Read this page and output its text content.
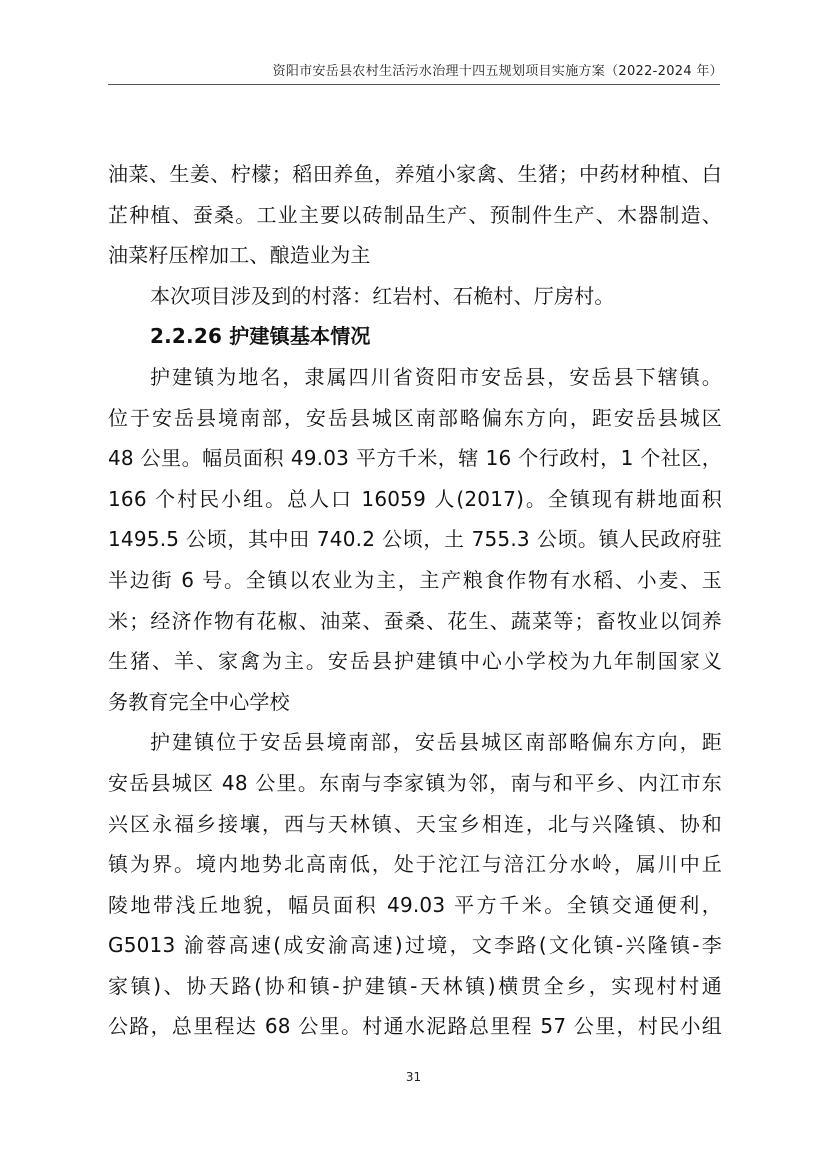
资阳市安岳县农村生活污水治理十四五规划项目实施方案（2022-2024 年）
油菜、生姜、柠檬；稻田养鱼，养殖小家禽、生猪；中药材种植、白
芷种植、蚕桑。工业主要以砖制品生产、预制件生产、木器制造、
油菜籽压榨加工、酿造业为主
本次项目涉及到的村落：红岩村、石桅村、厅房村。
2.2.26 护建镇基本情况
护建镇为地名，隶属四川省资阳市安岳县，安岳县下辖镇。
位于安岳县境南部，安岳县城区南部略偏东方向，距安岳县城区
48 公里。幅员面积 49.03 平方千米，辖 16 个行政村，1 个社区，
166 个村民小组。总人口 16059 人(2017)。全镇现有耕地面积
1495.5 公顷，其中田 740.2 公顷，土 755.3 公顷。镇人民政府驻
半边街 6 号。全镇以农业为主，主产粮食作物有水稻、小麦、玉
米；经济作物有花椒、油菜、蚕桑、花生、蔬菜等；畜牧业以饲养
生猪、羊、家禽为主。安岳县护建镇中心小学校为九年制国家义
务教育完全中心学校
护建镇位于安岳县境南部，安岳县城区南部略偏东方向，距
安岳县城区 48 公里。东南与李家镇为邻，南与和平乡、内江市东
兴区永福乡接壤，西与天林镇、天宝乡相连，北与兴隆镇、协和
镇为界。境内地势北高南低，处于沱江与涪江分水岭，属川中丘
陵地带浅丘地貌，幅员面积 49.03 平方千米。全镇交通便利，
G5013 渝蓉高速(成安渝高速)过境，文李路(文化镇-兴隆镇-李
家镇)、协天路(协和镇-护建镇-天林镇)横贯全乡，实现村村通
公路，总里程达 68 公里。村通水泥路总里程 57 公里，村民小组
31
